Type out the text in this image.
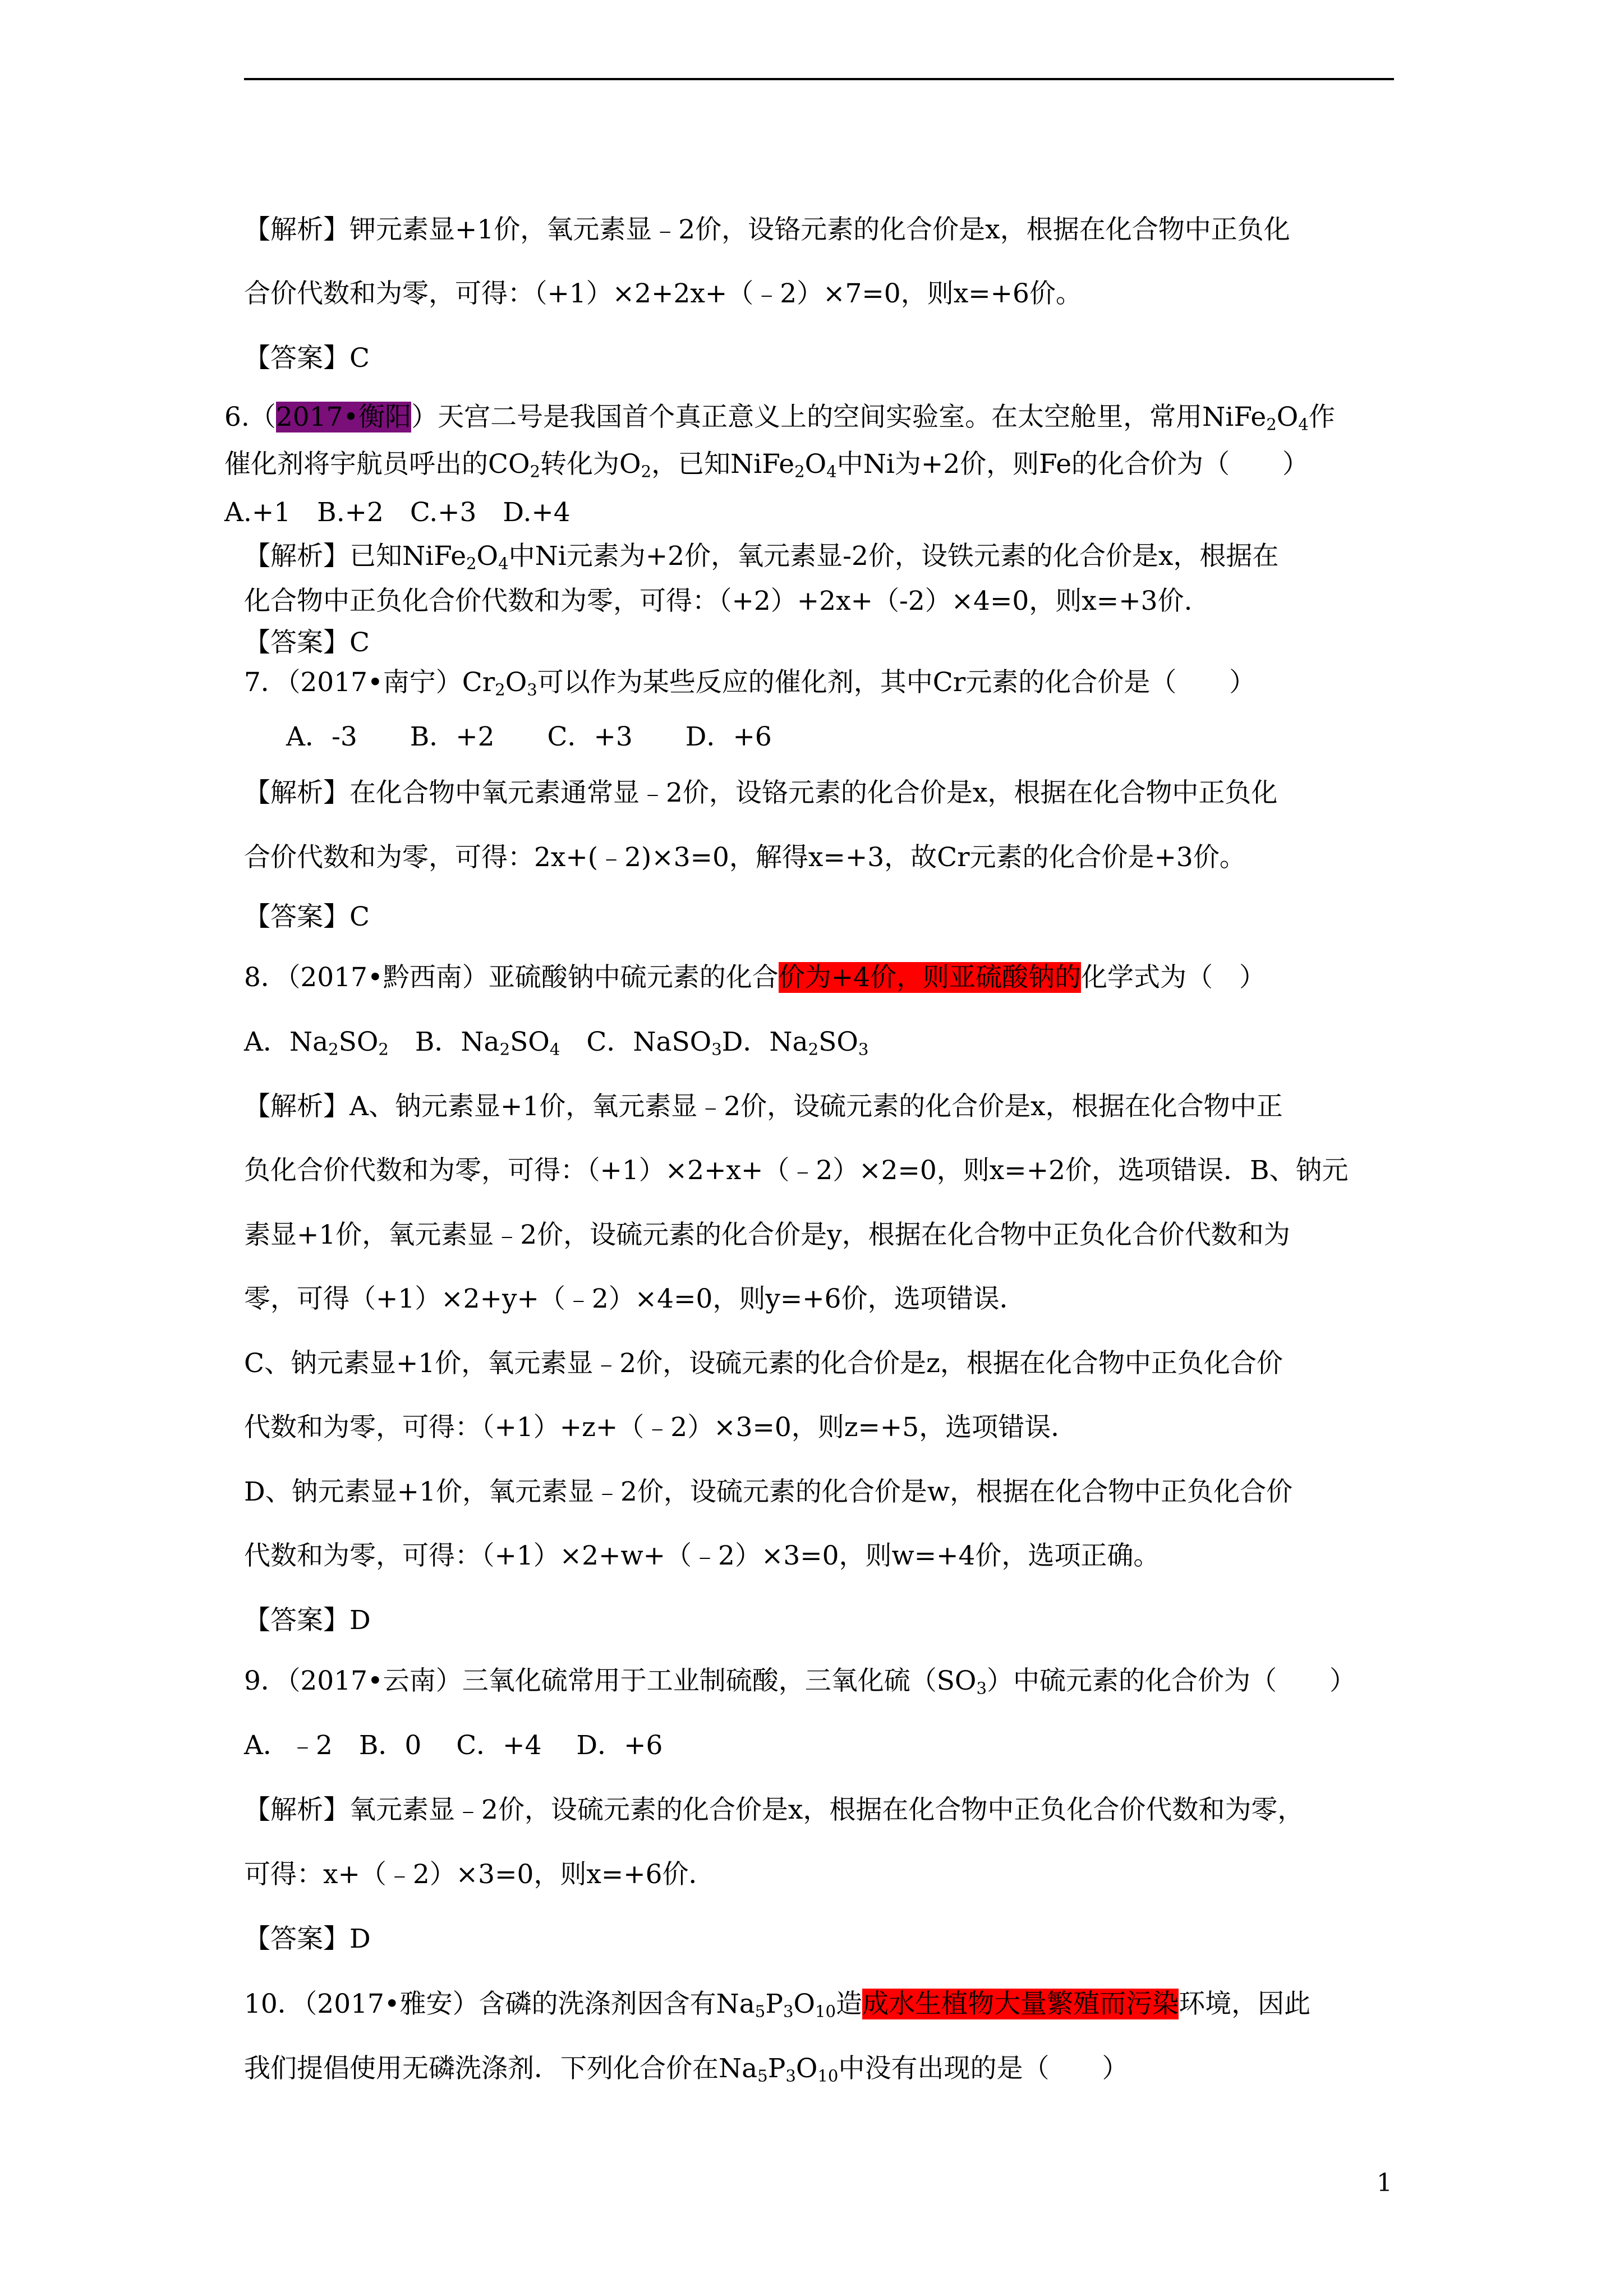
【解析】钾元素显+1价，氧元素显﹣2价，设铬元素的化合价是x，根据在化合物中正负化
合价代数和为零，可得：（+1）×2+2x+（﹣2）×7=0，则x=+6价。
【答案】C
6.（2017•衡阳）天宫二号是我国首个真正意义上的空间实验室。在太空舱里，常用$NiFe_2O_4$作
催化剂将宇航员呼出的$CO_2$转化为$O_2$，已知$NiFe_2O_4$中Ni为+2价，则Fe的化合价为（　　）
A.+1　B.+2　C.+3　D.+4
【解析】已知$NiFe_2O_4$中Ni元素为+2价，氧元素显-2价，设铁元素的化合价是x，根据在
化合物中正负化合价代数和为零，可得：（+2）+2x+（-2）×4=0，则x=+3价.
【答案】C
7．（2017•南宁）$Cr_2O_3$可以作为某些反应的催化剂，其中Cr元素的化合价是（　　）
A．-3　　B．+2　　C．+3　　D．+6
【解析】在化合物中氧元素通常显﹣2价，设铬元素的化合价是x，根据在化合物中正负化
合价代数和为零，可得：2x+(﹣2)×3=0，解得x=+3，故Cr元素的化合价是+3价。
【答案】C
8．（2017•黔西南）亚硫酸钠中硫元素的化合价为+4价，则亚硫酸钠的化学式为（　）
A．$Na_2SO_2$　B．$Na_2SO_4$　C．NaSO$_3$D．$Na_2SO_3$
【解析】A、钠元素显+1价，氧元素显﹣2价，设硫元素的化合价是x，根据在化合物中正
负化合价代数和为零，可得：（+1）×2+x+（﹣2）×2=0，则x=+2价，选项错误．B、钠元
素显+1价，氧元素显﹣2价，设硫元素的化合价是y，根据在化合物中正负化合价代数和为
零，可得（+1）×2+y+（﹣2）×4=0，则y=+6价，选项错误．
C、钠元素显+1价，氧元素显﹣2价，设硫元素的化合价是z，根据在化合物中正负化合价
代数和为零，可得：（+1）+z+（﹣2）×3=0，则z=+5，选项错误．
D、钠元素显+1价，氧元素显﹣2价，设硫元素的化合价是w，根据在化合物中正负化合价
代数和为零，可得：（+1）×2+w+（﹣2）×3=0，则w=+4价，选项正确。
【答案】D
9．（2017•云南）三氧化硫常用于工业制硫酸，三氧化硫$(SO_3)$中硫元素的化合价为（　　）
A．﹣2　B．0　 C．+4　 D．+6
【解析】氧元素显﹣2价，设硫元素的化合价是x，根据在化合物中正负化合价代数和为零，
可得：x+（﹣2）×3=0，则x=+6价．
【答案】D
10．（2017•雅安）含磷的洗涤剂因含有$Na_5P_3O_{10}$造成水生植物大量繁殖而污染环境，因此
我们提倡使用无磷洗涤剂．下列化合价在$Na_5P_3O_{10}$中没有出现的是（　　）
1
